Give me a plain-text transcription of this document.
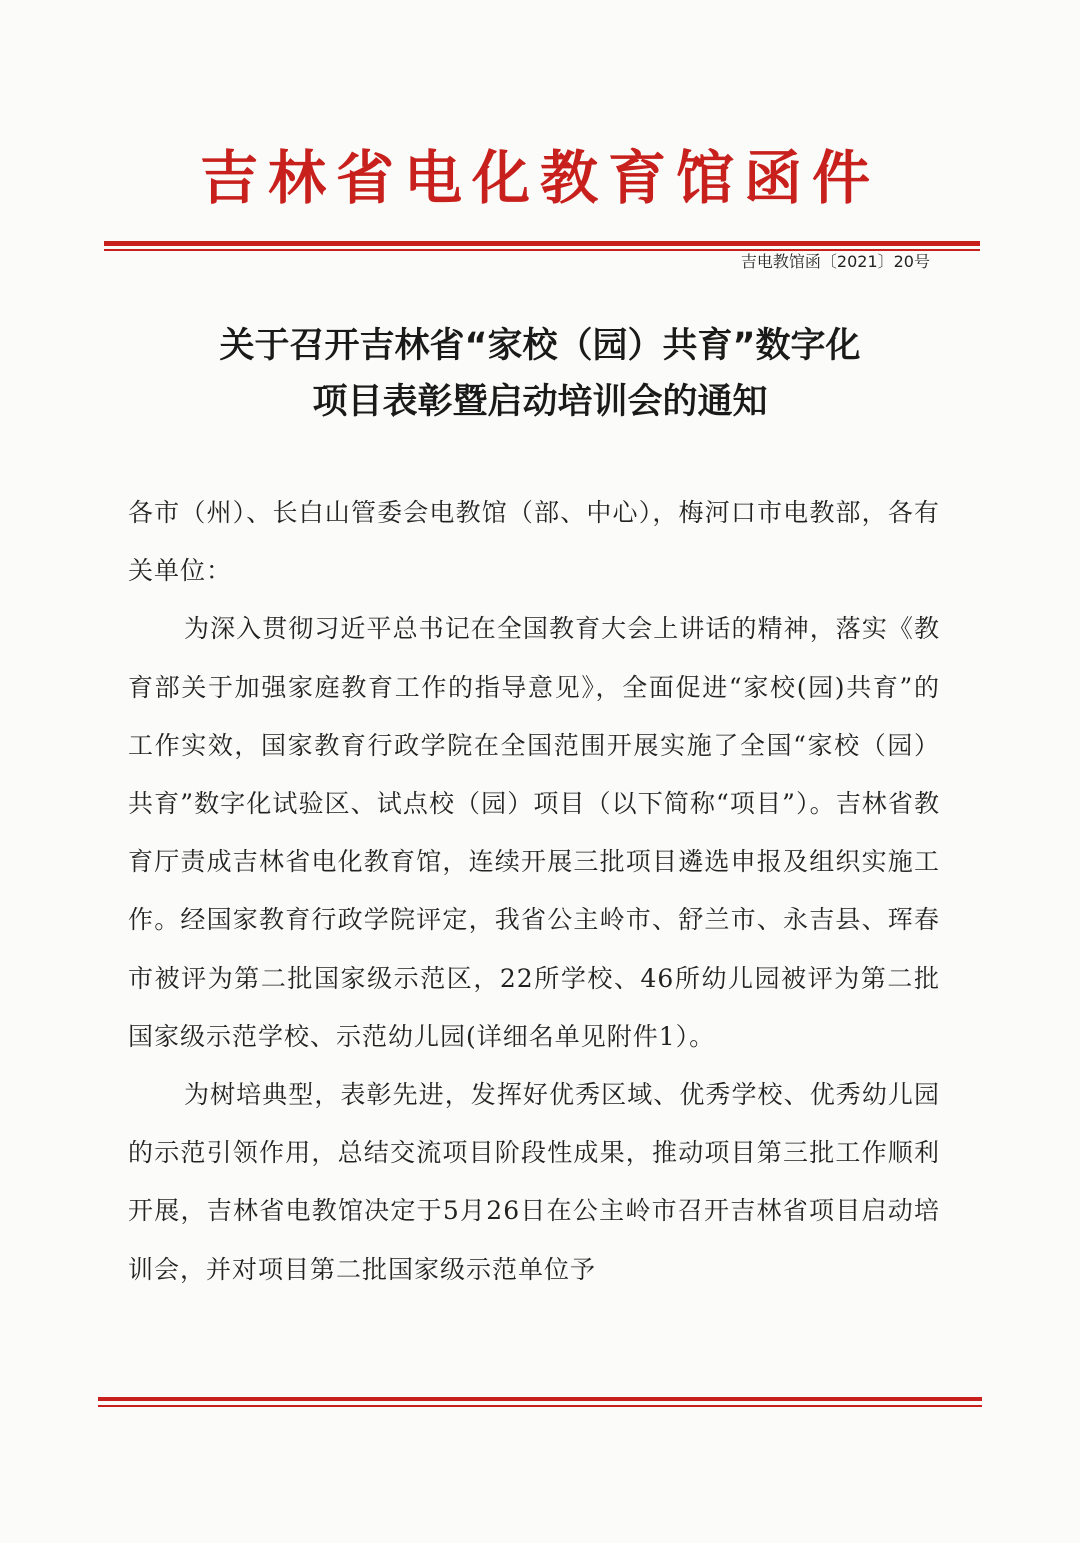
吉林省电化教育馆函件
吉电教馆函〔2021〕20号
关于召开吉林省“家校（园）共育”数字化
项目表彰暨启动培训会的通知

各市（州）、长白山管委会电教馆（部、中心），梅河口市电教部，各有关单位：

为深入贯彻习近平总书记在全国教育大会上讲话的精神，落实《教育部关于加强家庭教育工作的指导意见》，全面促进“家校(园)共育”的工作实效，国家教育行政学院在全国范围开展实施了全国“家校（园）共育”数字化试验区、试点校（园）项目（以下简称“项目”）。吉林省教育厅责成吉林省电化教育馆，连续开展三批项目遴选申报及组织实施工作。经国家教育行政学院评定，我省公主岭市、舒兰市、永吉县、珲春市被评为第二批国家级示范区，22所学校、46所幼儿园被评为第二批国家级示范学校、示范幼儿园(详细名单见附件1）。

为树培典型，表彰先进，发挥好优秀区域、优秀学校、优秀幼儿园的示范引领作用，总结交流项目阶段性成果，推动项目第三批工作顺利开展，吉林省电教馆决定于5月26日在公主岭市召开吉林省项目启动培训会，并对项目第二批国家级示范单位予
